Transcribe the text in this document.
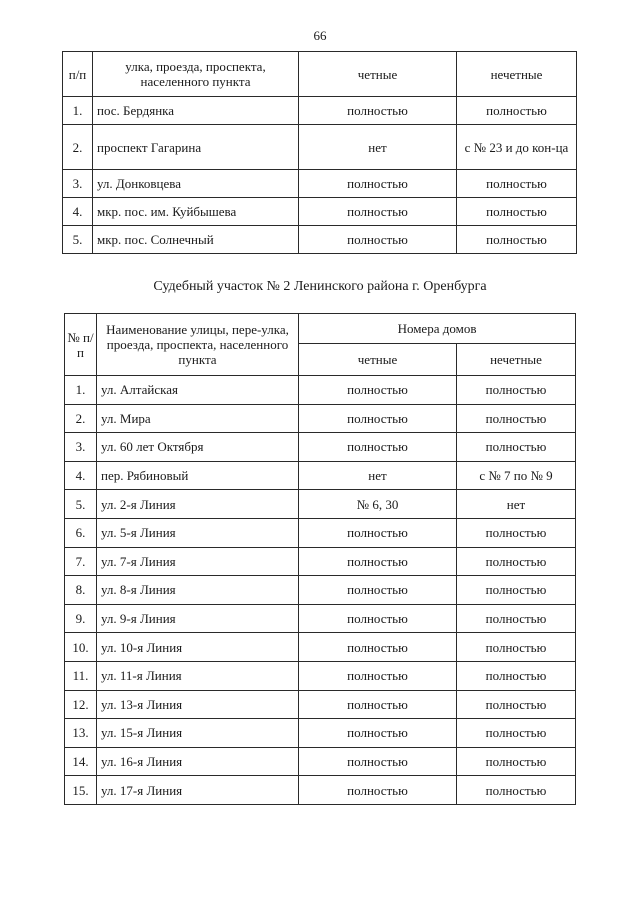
66
п/п	улка, проезда, проспекта, населенного пункта	четные	нечетные
1.	пос. Бердянка	полностью	полностью
2.	проспект Гагарина	нет	с № 23 и до кон-ца
3.	ул. Донковцева	полностью	полностью
4.	мкр. пос. им. Куйбышева	полностью	полностью
5.	мкр. пос. Солнечный	полностью	полностью
Судебный участок № 2 Ленинского района г. Оренбурга
№ п/п	Наименование улицы, пере-улка, проезда, проспекта, населенного пункта	Номера домов	
		четные	нечетные
1.	ул. Алтайская	полностью	полностью
2.	ул. Мира	полностью	полностью
3.	ул. 60 лет Октября	полностью	полностью
4.	пер. Рябиновый	нет	с № 7 по № 9
5.	ул. 2-я Линия	№ 6, 30	нет
6.	ул. 5-я Линия	полностью	полностью
7.	ул. 7-я Линия	полностью	полностью
8.	ул. 8-я Линия	полностью	полностью
9.	ул. 9-я Линия	полностью	полностью
10.	ул. 10-я Линия	полностью	полностью
11.	ул. 11-я Линия	полностью	полностью
12.	ул. 13-я Линия	полностью	полностью
13.	ул. 15-я Линия	полностью	полностью
14.	ул. 16-я Линия	полностью	полностью
15.	ул. 17-я Линия	полностью	полностью
